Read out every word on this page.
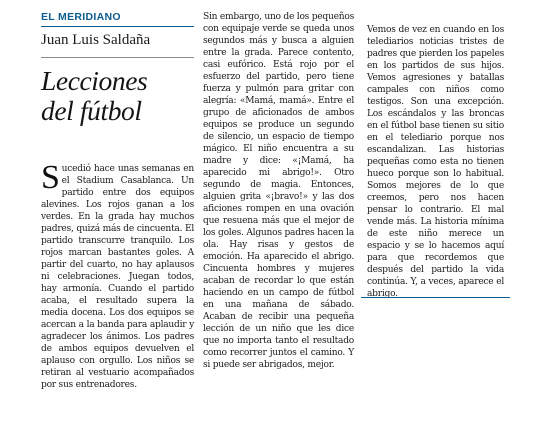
EL MERIDIANO
Juan Luis Saldaña
Lecciones
del fútbol

Sucedió hace unas semanas en el Stadium Casablanca. Un partido entre dos equipos alevines. Los rojos ganan a los verdes. En la grada hay muchos padres, quizá más de cincuenta. El partido transcurre tranquilo. Los rojos marcan bastantes goles. A partir del cuarto, no hay aplausos ni celebraciones. Juegan todos, hay armonía. Cuando el partido acaba, el resultado supera la media docena. Los dos equipos se acercan a la banda para aplaudir y agradecer los ánimos. Los padres de ambos equipos devuelven el aplauso con orgullo. Los niños se retiran al vestuario acompañados por sus entrenadores.

Sin embargo, uno de los pequeños con equipaje verde se queda unos segundos más y busca a alguien entre la grada. Parece contento, casi eufórico. Está rojo por el esfuerzo del partido, pero tiene fuerza y pulmón para gritar con alegría: «Mamá, mamá». Entre el grupo de aficionados de ambos equipos se produce un segundo de silencio, un espacio de tiempo mágico. El niño encuentra a su madre y dice: «¡Mamá, ha aparecido mi abrigo!». Otro segundo de magia. Entonces, alguien grita «¡bravo!» y las dos aficiones rompen en una ovación que resuena más que el mejor de los goles. Algunos padres hacen la ola. Hay risas y gestos de emoción. Ha aparecido el abrigo. Cincuenta hombres y mujeres acaban de recordar lo que están haciendo en un campo de fútbol en una mañana de sábado. Acaban de recibir una pequeña lección de un niño que les dice que no importa tanto el resultado como recorrer juntos el camino. Y si puede ser abrigados, mejor.

Vemos de vez en cuando en los telediarios noticias tristes de padres que pierden los papeles en los partidos de sus hijos. Vemos agresiones y batallas campales con niños como testigos. Son una excepción. Los escándalos y las broncas en el fútbol base tienen su sitio en el telediario porque nos escandalizan. Las historias pequeñas como esta no tienen hueco porque son lo habitual. Somos mejores de lo que creemos, pero nos hacen pensar lo contrario. El mal vende más. La historia mínima de este niño merece un espacio y se lo hacemos aquí para que recordemos que después del partido la vida continúa. Y, a veces, aparece el abrigo.
